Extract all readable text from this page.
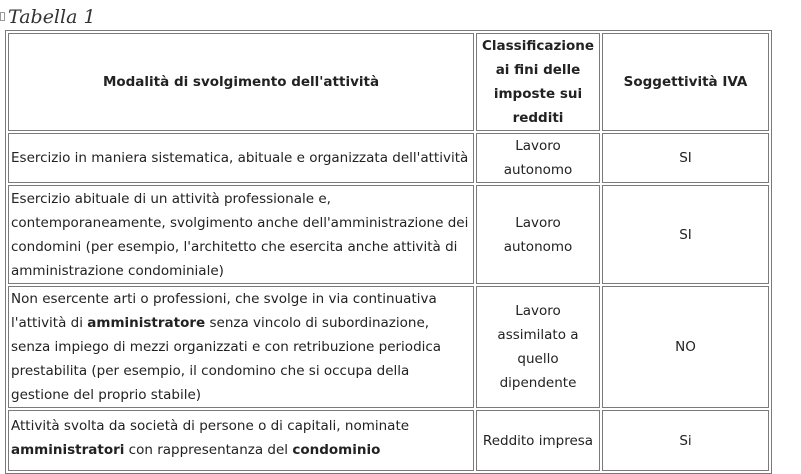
Tabella 1
Modalità di svolgimento dell'attività	Classificazione ai fini delle imposte sui redditi	Soggettività IVA
Esercizio in maniera sistematica, abituale e organizzata dell'attività	Lavoro autonomo	SI
Esercizio abituale di un attività professionale e, contemporaneamente, svolgimento anche dell'amministrazione dei condomini (per esempio, l'architetto che esercita anche attività di amministrazione condominiale)	Lavoro autonomo	SI
Non esercente arti o professioni, che svolge in via continuativa l'attività di amministratore senza vincolo di subordinazione, senza impiego di mezzi organizzati e con retribuzione periodica prestabilita (per esempio, il condomino che si occupa della gestione del proprio stabile)	Lavoro assimilato a quello dipendente	NO
Attività svolta da società di persone o di capitali, nominate amministratori con rappresentanza del condominio	Reddito impresa	Si
